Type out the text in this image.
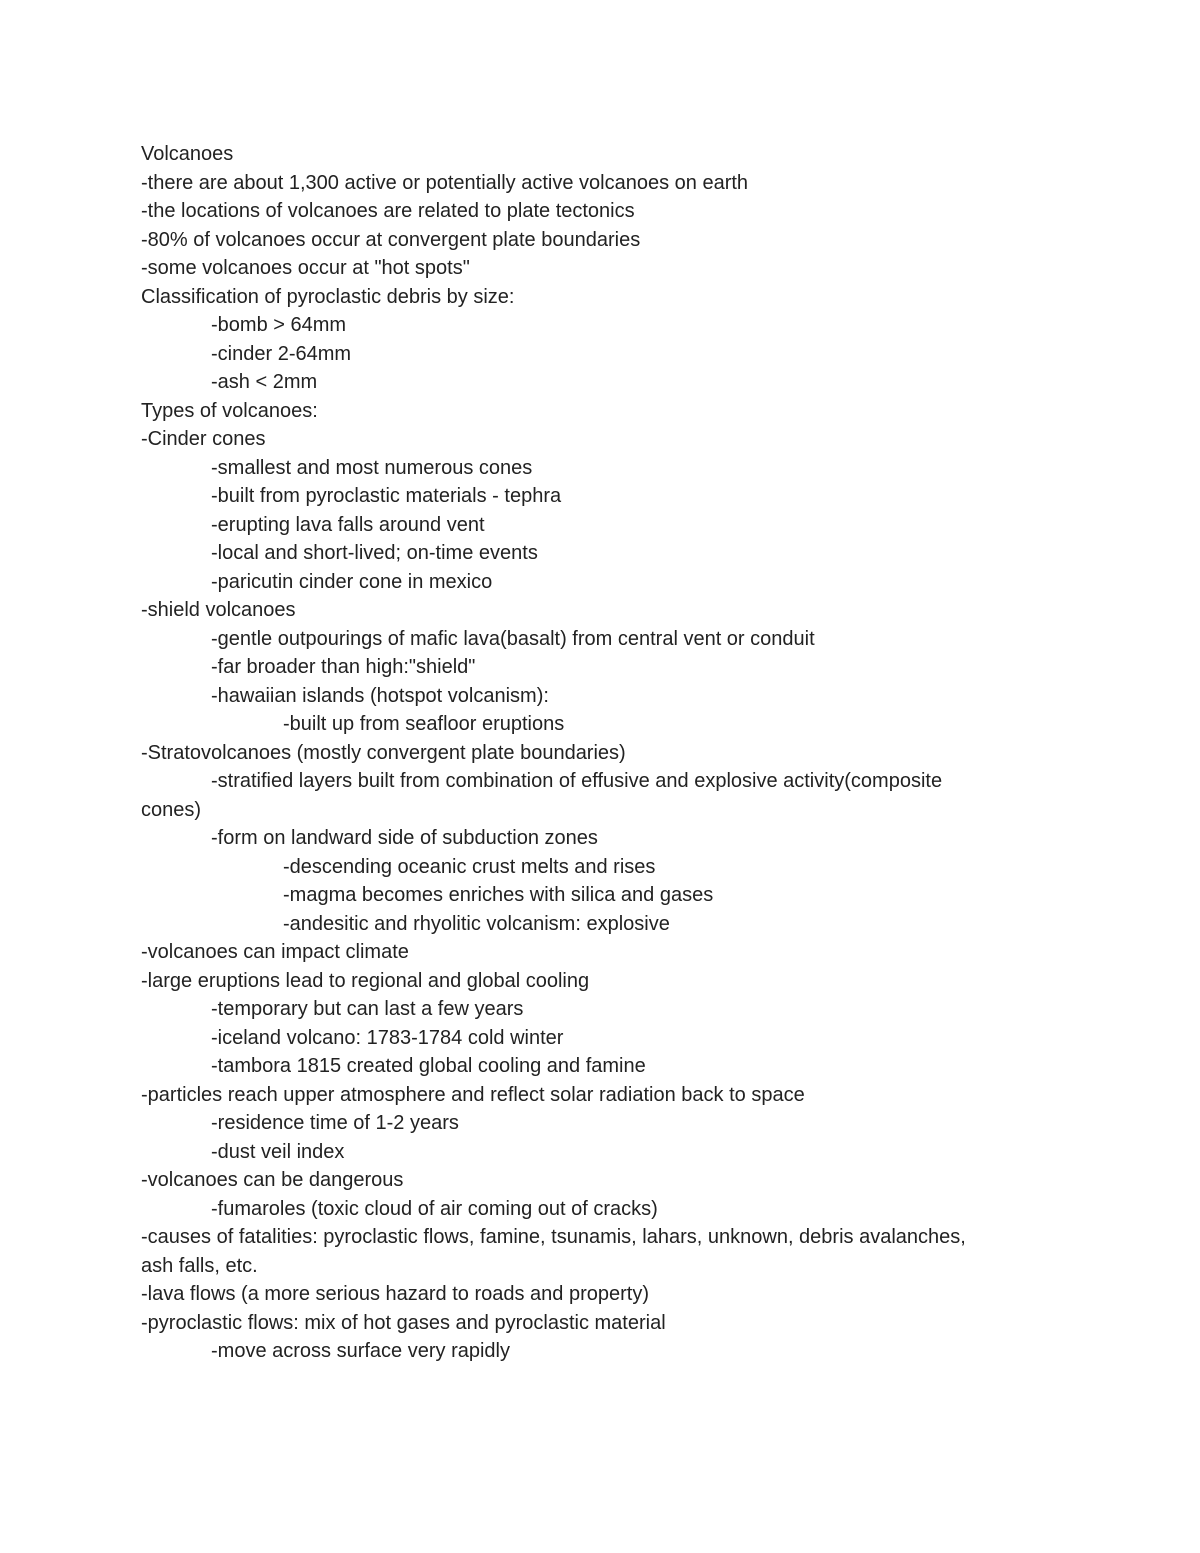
Volcanoes

-there are about 1,300 active or potentially active volcanoes on earth

-the locations of volcanoes are related to plate tectonics

-80% of volcanoes occur at convergent plate boundaries

-some volcanoes occur at "hot spots"

Classification of pyroclastic debris by size:

-bomb > 64mm

-cinder 2-64mm

-ash < 2mm

Types of volcanoes:

-Cinder cones

-smallest and most numerous cones

-built from pyroclastic materials - tephra

-erupting lava falls around vent

-local and short-lived; on-time events

-paricutin cinder cone in mexico

-shield volcanoes

-gentle outpourings of mafic lava(basalt) from central vent or conduit

-far broader than high:"shield"

-hawaiian islands (hotspot volcanism):

-built up from seafloor eruptions

-Stratovolcanoes (mostly convergent plate boundaries)

-stratified layers built from combination of effusive and explosive activity(composite

cones)

-form on landward side of subduction zones

-descending oceanic crust melts and rises

-magma becomes enriches with silica and gases

-andesitic and rhyolitic volcanism: explosive

-volcanoes can impact climate

-large eruptions lead to regional and global cooling

-temporary but can last a few years

-iceland volcano: 1783-1784 cold winter

-tambora 1815 created global cooling and famine

-particles reach upper atmosphere and reflect solar radiation back to space

-residence time of 1-2 years

-dust veil index

-volcanoes can be dangerous

-fumaroles (toxic cloud of air coming out of cracks)

-causes of fatalities: pyroclastic flows, famine, tsunamis, lahars, unknown, debris avalanches,

ash falls, etc.

-lava flows (a more serious hazard to roads and property)

-pyroclastic flows: mix of hot gases and pyroclastic material

-move across surface very rapidly
